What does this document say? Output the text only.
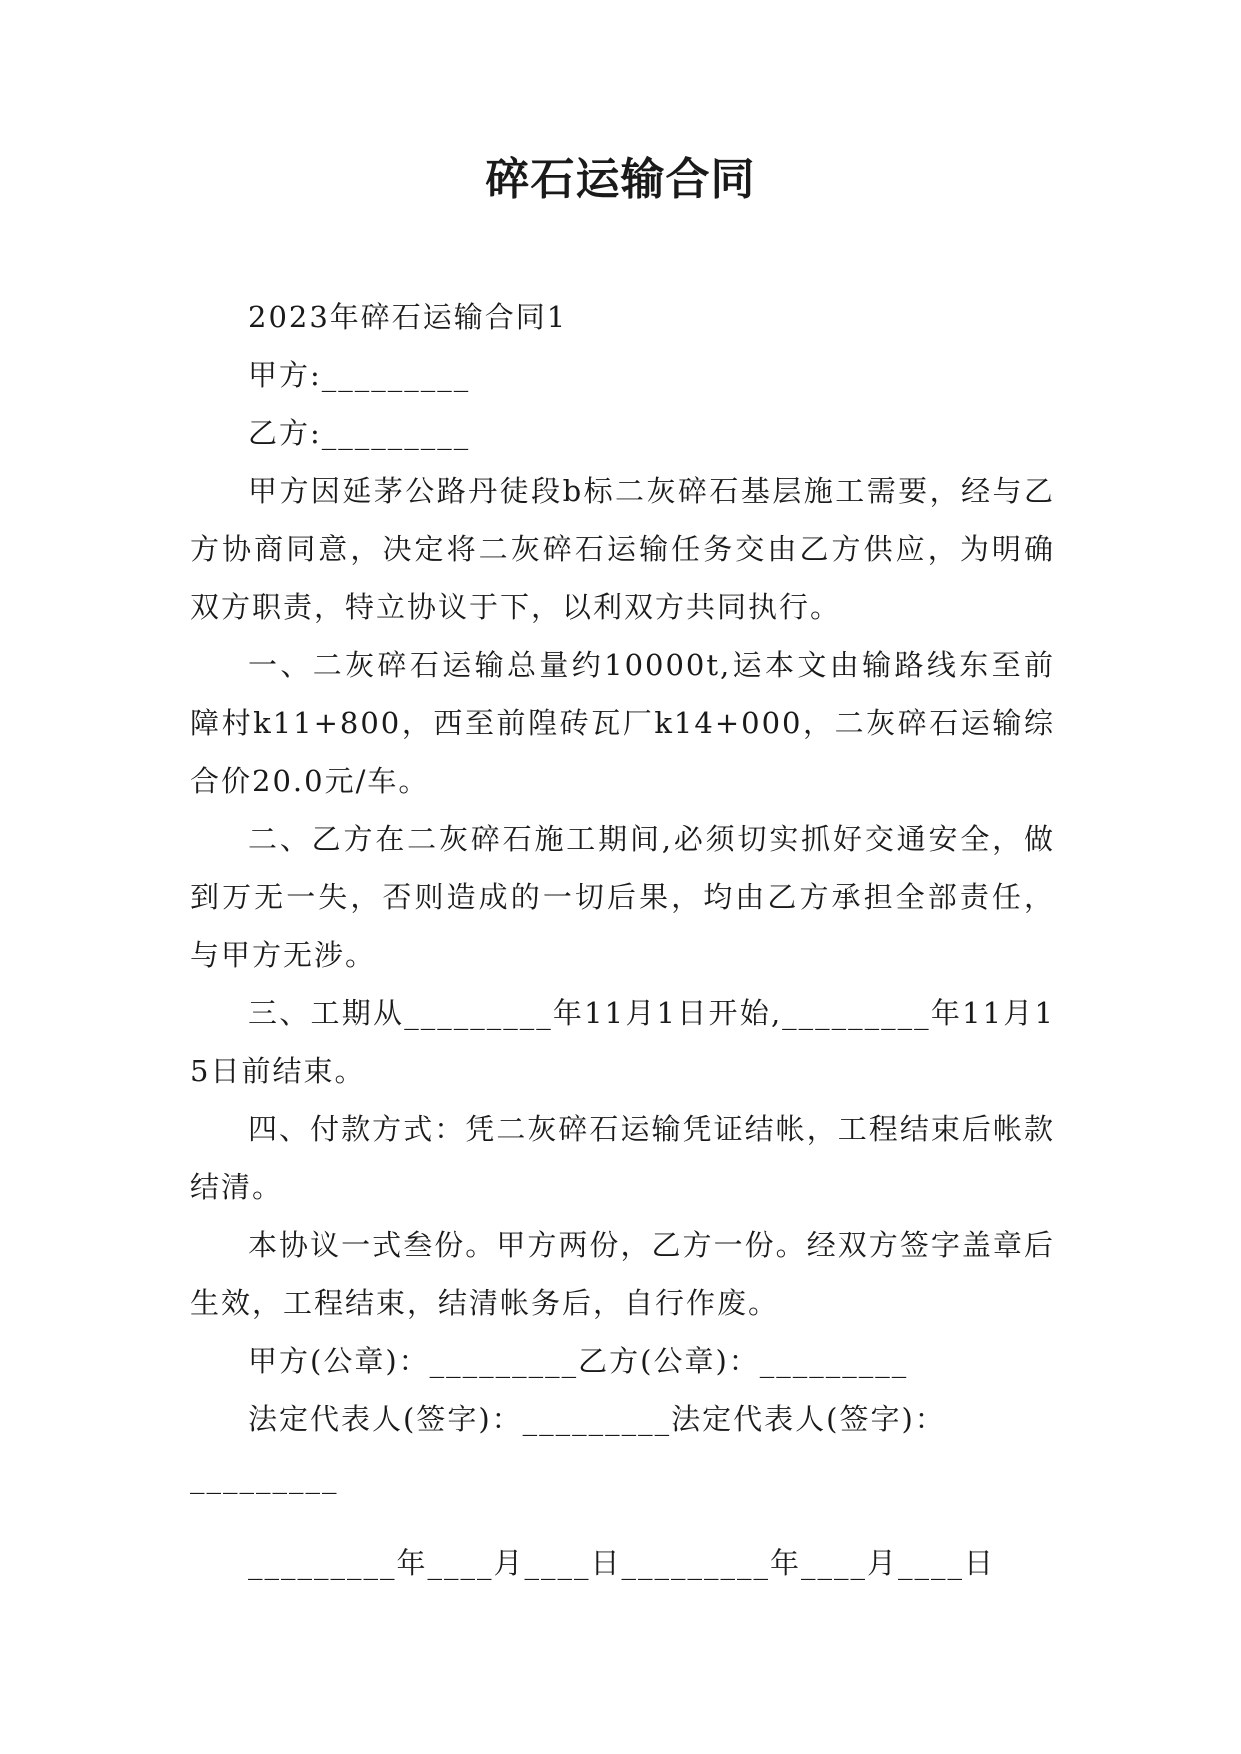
碎石运输合同

2023年碎石运输合同1

甲方:_________

乙方:_________

甲方因延茅公路丹徒段b标二灰碎石基层施工需要，经与乙方协商同意，决定将二灰碎石运输任务交由乙方供应，为明确双方职责，特立协议于下，以利双方共同执行。

一、二灰碎石运输总量约10000t,运本文由输路线东至前障村k11+800，西至前隍砖瓦厂k14+000，二灰碎石运输综合价20.0元/车。

二、乙方在二灰碎石施工期间,必须切实抓好交通安全，做到万无一失，否则造成的一切后果，均由乙方承担全部责任，与甲方无涉。

三、工期从_________年11月1日开始,_________年11月15日前结束。

四、付款方式：凭二灰碎石运输凭证结帐，工程结束后帐款结清。

本协议一式叁份。甲方两份，乙方一份。经双方签字盖章后生效，工程结束，结清帐务后，自行作废。

甲方(公章)：_________乙方(公章)：_________

法定代表人(签字)：_________法定代表人(签字)：

_________

_________年____月____日_________年____月____日
